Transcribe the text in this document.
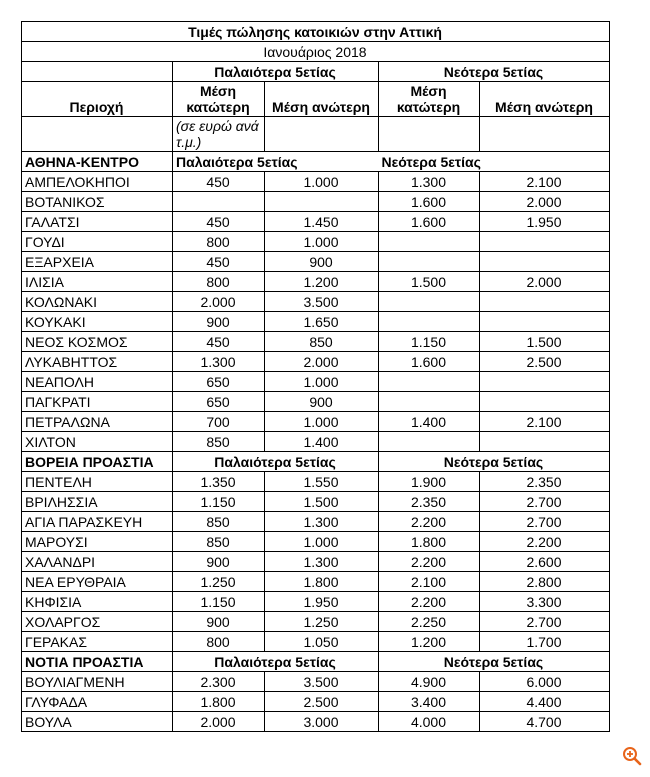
Τιμές πώλησης κατοικιών στην Αττική				
Ιανουάριος 2018				
	Παλαιότερα 5ετίας		Νεότερα 5ετίας	
Περιοχή	Μέση κατώτερη	Μέση ανώτερη	Μέση κατώτερη	Μέση ανώτερη
	(σε ευρώ ανά τ.μ.)			
ΑΘΗΝΑ-ΚΕΝΤΡΟ	Παλαιότερα 5ετίας		Νεότερα 5ετίας	
ΑΜΠΕΛΟΚΗΠΟΙ	450	1.000	1.300	2.100
ΒΟΤΑΝΙΚΟΣ			1.600	2.000
ΓΑΛΑΤΣΙ	450	1.450	1.600	1.950
ΓΟΥΔΙ	800	1.000		
ΕΞΑΡΧΕΙΑ	450	900		
ΙΛΙΣΙΑ	800	1.200	1.500	2.000
ΚΟΛΩΝΑΚΙ	2.000	3.500		
ΚΟΥΚΑΚΙ	900	1.650		
ΝΕΟΣ ΚΟΣΜΟΣ	450	850	1.150	1.500
ΛΥΚΑΒΗΤΤΟΣ	1.300	2.000	1.600	2.500
ΝΕΑΠΟΛΗ	650	1.000		
ΠΑΓΚΡΑΤΙ	650	900		
ΠΕΤΡΑΛΩΝΑ	700	1.000	1.400	2.100
ΧΙΛΤΟΝ	850	1.400		
ΒΟΡΕΙΑ ΠΡΟΑΣΤΙΑ	Παλαιότερα 5ετίας		Νεότερα 5ετίας	
ΠΕΝΤΕΛΗ	1.350	1.550	1.900	2.350
ΒΡΙΛΗΣΣΙΑ	1.150	1.500	2.350	2.700
ΑΓΙΑ ΠΑΡΑΣΚΕΥΗ	850	1.300	2.200	2.700
ΜΑΡΟΥΣΙ	850	1.000	1.800	2.200
ΧΑΛΑΝΔΡΙ	900	1.300	2.200	2.600
ΝΕΑ ΕΡΥΘΡΑΙΑ	1.250	1.800	2.100	2.800
ΚΗΦΙΣΙΑ	1.150	1.950	2.200	3.300
ΧΟΛΑΡΓΟΣ	900	1.250	2.250	2.700
ΓΕΡΑΚΑΣ	800	1.050	1.200	1.700
ΝΟΤΙΑ ΠΡΟΑΣΤΙΑ	Παλαιότερα 5ετίας		Νεότερα 5ετίας	
ΒΟΥΛΙΑΓΜΕΝΗ	2.300	3.500	4.900	6.000
ΓΛΥΦΑΔΑ	1.800	2.500	3.400	4.400
ΒΟΥΛΑ	2.000	3.000	4.000	4.700
